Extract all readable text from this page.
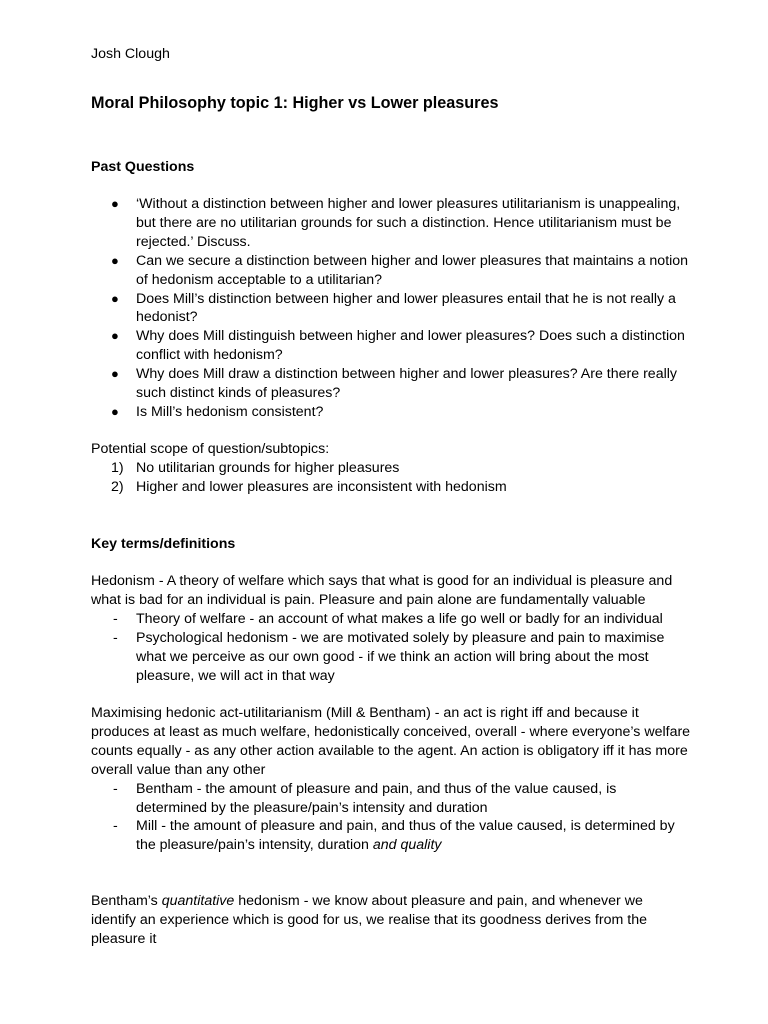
Josh Clough
Moral Philosophy topic 1: Higher vs Lower pleasures
Past Questions
● ‘Without a distinction between higher and lower pleasures utilitarianism is unappealing, but there are no utilitarian grounds for such a distinction. Hence utilitarianism must be rejected.’ Discuss.
● Can we secure a distinction between higher and lower pleasures that maintains a notion of hedonism acceptable to a utilitarian?
● Does Mill’s distinction between higher and lower pleasures entail that he is not really a hedonist?
● Why does Mill distinguish between higher and lower pleasures? Does such a distinction conflict with hedonism?
● Why does Mill draw a distinction between higher and lower pleasures? Are there really such distinct kinds of pleasures?
● Is Mill’s hedonism consistent?
Potential scope of question/subtopics:
1) No utilitarian grounds for higher pleasures
2) Higher and lower pleasures are inconsistent with hedonism
Key terms/definitions
Hedonism - A theory of welfare which says that what is good for an individual is pleasure and what is bad for an individual is pain. Pleasure and pain alone are fundamentally valuable
- Theory of welfare - an account of what makes a life go well or badly for an individual
- Psychological hedonism - we are motivated solely by pleasure and pain to maximise what we perceive as our own good - if we think an action will bring about the most pleasure, we will act in that way
Maximising hedonic act-utilitarianism (Mill & Bentham) - an act is right iff and because it produces at least as much welfare, hedonistically conceived, overall - where everyone’s welfare counts equally - as any other action available to the agent. An action is obligatory iff it has more overall value than any other
- Bentham - the amount of pleasure and pain, and thus of the value caused, is determined by the pleasure/pain’s intensity and duration
- Mill - the amount of pleasure and pain, and thus of the value caused, is determined by the pleasure/pain’s intensity, duration and quality
Bentham’s quantitative hedonism - we know about pleasure and pain, and whenever we identify an experience which is good for us, we realise that its goodness derives from the pleasure it
